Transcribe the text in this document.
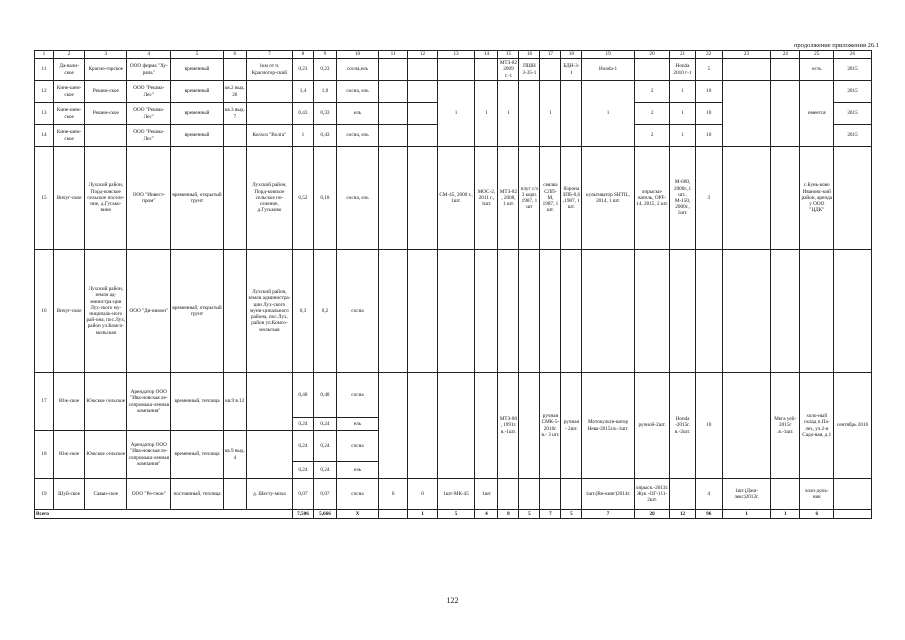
продолжение приложения 26.1
1	2	3	4	5	6	7	8	9	10	11	12	13	14	15	16	17	18	19	20	21	22	23	24	25	26
11	Да-вали-ское	Красно-горское	ООО фирма "Ху-ряль"	временный		1км от п. Красногор-ский	0,23	0,23	сосна,ель					МТЗ-82 2009 г.-1	ПШН 3-35-1		БДН-3-1	Honda-1		Honda 2010 г-1	5			есть	2015
12	Кине-шем-ское	Решем-ское	ООО "Решма-Лес"	временный	кв.2 выд. 26		1,4	1,0	сосна, ель			1	1	1		1		1	2	1	10			имеется	2015
13	Кине-шем-ское	Решем-ское	ООО "Решма-Лес"	временный	кв.3 выд. 7		0,43	0,33	ель										2	1	10				2015
14	Кине-шем-ское		ООО "Решма-Лес"	временный		Колхоз "Волга"	1	0,43	сосна, ель										2	1	10				2015
15	Вичуг-ское	Лухский район, Порд-ковское сельское поселе-ние, д.Гусько-вино	ООО "Инвест-пром"	временный, открытый грунт		Лухский район, Порд-ковское сельское по-селение, д.Гуськово	0,52	0,18	сосна, ель			СМ-45, 2000 г., 1шт.	МОС-2, 2011 г., 1шт.	МТЗ-82, 2008, 1 шт.	плуг с/х 3 корп. 1987, 1 шт	сеялка СЛП-М, 1987, 1 шт.	борона ЗПБ-0,6,1987, 1 шт.	культиватор SHTIL, 2014, 1 шт.	опрыски-ватель, OPF-14, 2015, 2 шт.	М-600, 2000г.,1 шт., М-150, 2000г., 1шт.	3			с.Бунь-ково Ивановс-кий район, аренда у ООО "ЦДК"	
16	Вичуг-ское	Лухский район, земли ад-министра-ции Лух-ского му-ниципаль-ного рай-она, пос.Лух, район ул.Комсо-мольская	ООО "Ди-вимон"	временный, открытый грунт		Лухский район, земли администра-ции Лух-ского муни-ципального района, пос.Лух, район ул.Комсо-мольская	0,3	0,2	сосна																
17	Юж-ское	Южское сельское	Арендатор ООО "Ива-новская ле-сопромыш-ленная компания"	временный, теплица	кв.9 в.12		0,48	0,48	сосна					МТЗ-80, 1991г. в.-1шт.		ручная СМК-5-2016г. в.- 3 шт.	ручная - 2шт.	Мотокульти-ватор Нева-2015г.в.-1шт.	ручной-2шт.	Honda -2015г. в.-2шт.	10		Мега yeil-2015г .в.-1шт.	холо-ный склад п.Па-лех, ул.2-я Садо-вая, д.1	сентябрь 2016
							0,24	0,24	ель																
18	Юж-ское	Южское сельское	Арендатор ООО "Ива-новская ле-сопромыш-ленная компания"	временный, теплица	кв.9 выд. 4		0,24	0,24	сосна																
							0,24	0,24	ель																
19	Шуй-ское	Саван-ское	ООО "Ре-гион"	постоянный, теплица		д. Шесту-миха	0,07	0,07	сосна	0	0	1шт-МК-45	1шт					1шт.(Ви-кинг)2014г.	опрыск.-2013г.Жук -ОГ-111-2шт.		4	1шт.(Джи-лекс)2013г.		холо-доль-ник	
Всего							7,506	5,666	Х		1	5	4	8	5	7	5	7	20	12	96	1	1	6	
122
